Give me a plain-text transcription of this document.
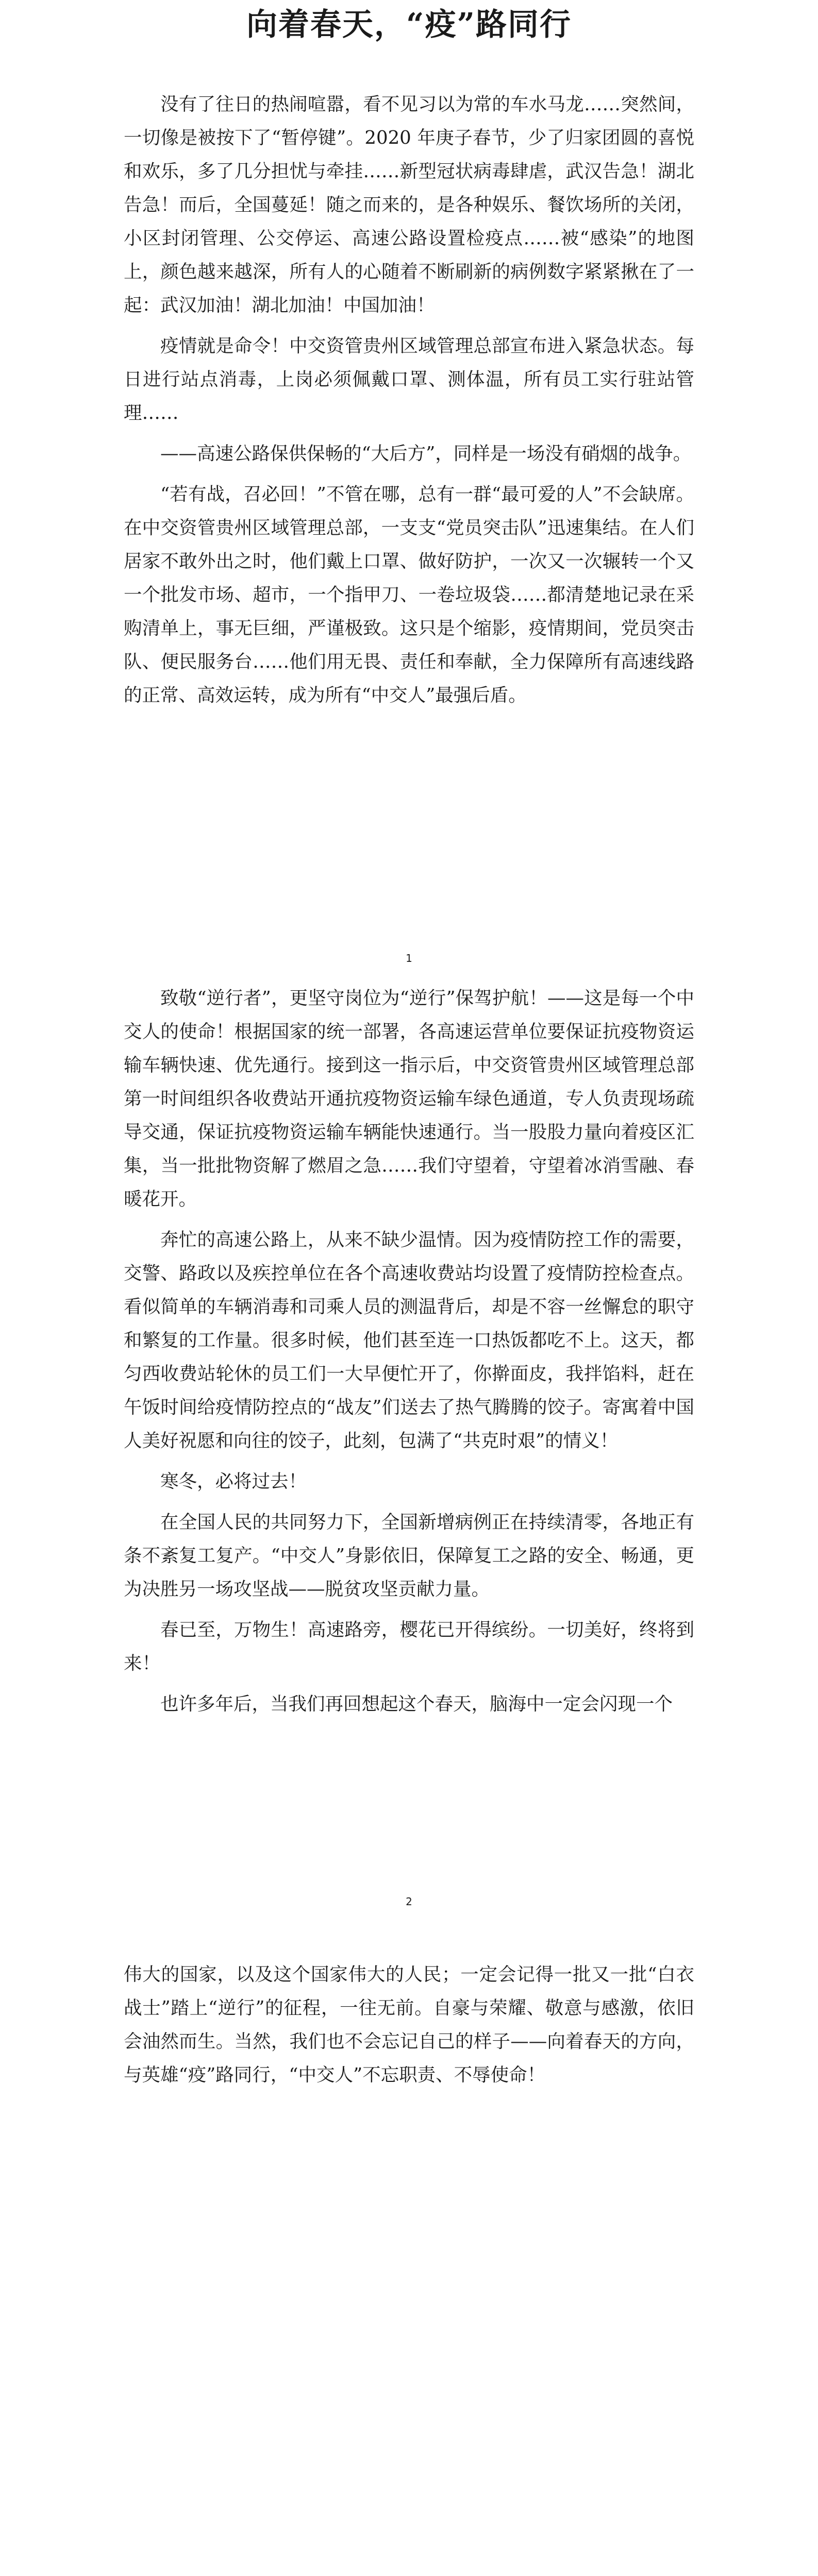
向着春天，“疫”路同行

没有了往日的热闹喧嚣，看不见习以为常的车水马龙……突然间，一切像是被按下了“暂停键”。2020 年庚子春节，少了归家团圆的喜悦和欢乐，多了几分担忧与牵挂……新型冠状病毒肆虐，武汉告急！湖北告急！而后，全国蔓延！随之而来的，是各种娱乐、餐饮场所的关闭，小区封闭管理、公交停运、高速公路设置检疫点……被“感染”的地图上，颜色越来越深，所有人的心随着不断刷新的病例数字紧紧揪在了一起：武汉加油！湖北加油！中国加油！

疫情就是命令！中交资管贵州区域管理总部宣布进入紧急状态。每日进行站点消毒，上岗必须佩戴口罩、测体温，所有员工实行驻站管理……

——高速公路保供保畅的“大后方”，同样是一场没有硝烟的战争。

“若有战，召必回！”不管在哪，总有一群“最可爱的人”不会缺席。在中交资管贵州区域管理总部，一支支“党员突击队”迅速集结。在人们居家不敢外出之时，他们戴上口罩、做好防护，一次又一次辗转一个又一个批发市场、超市，一个指甲刀、一卷垃圾袋……都清楚地记录在采购清单上，事无巨细，严谨极致。这只是个缩影，疫情期间，党员突击队、便民服务台……他们用无畏、责任和奉献，全力保障所有高速线路的正常、高效运转，成为所有“中交人”最强后盾。

1

致敬“逆行者”，更坚守岗位为“逆行”保驾护航！——这是每一个中交人的使命！根据国家的统一部署，各高速运营单位要保证抗疫物资运输车辆快速、优先通行。接到这一指示后，中交资管贵州区域管理总部第一时间组织各收费站开通抗疫物资运输车绿色通道，专人负责现场疏导交通，保证抗疫物资运输车辆能快速通行。当一股股力量向着疫区汇集，当一批批物资解了燃眉之急……我们守望着，守望着冰消雪融、春暖花开。

奔忙的高速公路上，从来不缺少温情。因为疫情防控工作的需要，交警、路政以及疾控单位在各个高速收费站均设置了疫情防控检查点。看似简单的车辆消毒和司乘人员的测温背后，却是不容一丝懈怠的职守和繁复的工作量。很多时候，他们甚至连一口热饭都吃不上。这天，都匀西收费站轮休的员工们一大早便忙开了，你擀面皮，我拌馅料，赶在午饭时间给疫情防控点的“战友”们送去了热气腾腾的饺子。寄寓着中国人美好祝愿和向往的饺子，此刻，包满了“共克时艰”的情义！

寒冬，必将过去！

在全国人民的共同努力下，全国新增病例正在持续清零，各地正有条不紊复工复产。“中交人”身影依旧，保障复工之路的安全、畅通，更为决胜另一场攻坚战——脱贫攻坚贡献力量。

春已至，万物生！高速路旁，樱花已开得缤纷。一切美好，终将到来！

也许多年后，当我们再回想起这个春天，脑海中一定会闪现一个

2

伟大的国家，以及这个国家伟大的人民；一定会记得一批又一批“白衣战士”踏上“逆行”的征程，一往无前。自豪与荣耀、敬意与感激，依旧会油然而生。当然，我们也不会忘记自己的样子——向着春天的方向，与英雄“疫”路同行，“中交人”不忘职责、不辱使命！
